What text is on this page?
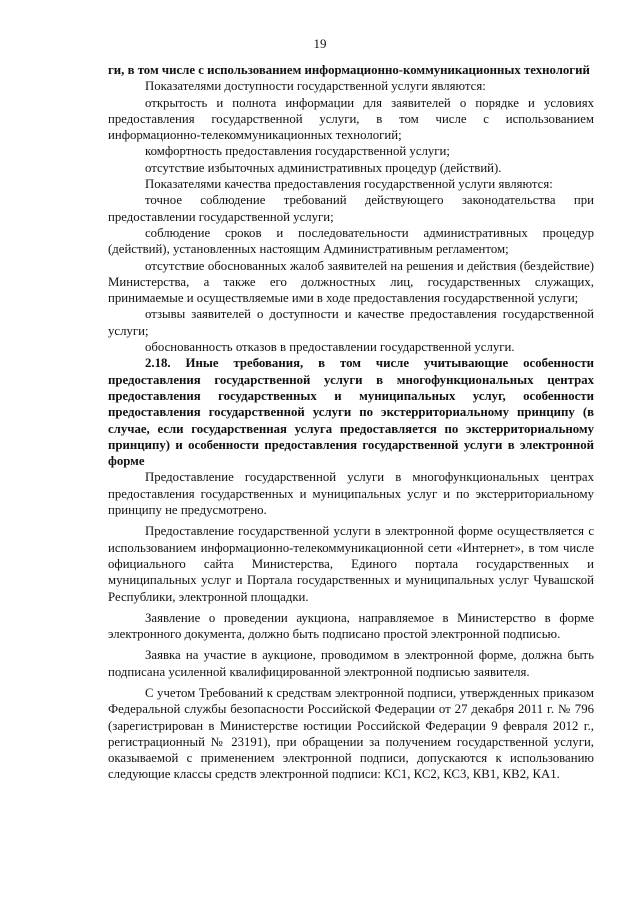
19

ги, в том числе с использованием информационно-коммуникационных технологий

Показателями доступности государственной услуги являются:

открытость и полнота информации для заявителей о порядке и условиях предоставления государственной услуги, в том числе с использованием информационно-телекоммуникационных технологий;

комфортность предоставления государственной услуги;

отсутствие избыточных административных процедур (действий).

Показателями качества предоставления государственной услуги являются:

точное соблюдение требований действующего законодательства при предоставлении государственной услуги;

соблюдение сроков и последовательности административных процедур (действий), установленных настоящим Административным регламентом;

отсутствие обоснованных жалоб заявителей на решения и действия (бездействие) Министерства, а также его должностных лиц, государственных служащих, принимаемые и осуществляемые ими в ходе предоставления государственной услуги;

отзывы заявителей о доступности и качестве предоставления государственной услуги;

обоснованность отказов в предоставлении государственной услуги.

2.18. Иные требования, в том числе учитывающие особенности предоставления государственной услуги в многофункциональных центрах предоставления государственных и муниципальных услуг, особенности предоставления государственной услуги по экстерриториальному принципу (в случае, если государственная услуга предоставляется по экстерриториальному принципу) и особенности предоставления государственной услуги в электронной форме

Предоставление государственной услуги в многофункциональных центрах предоставления государственных и муниципальных услуг и по экстерриториальному принципу не предусмотрено.

Предоставление государственной услуги в электронной форме осуществляется с использованием информационно-телекоммуникационной сети «Интернет», в том числе официального сайта Министерства, Единого портала государственных и муниципальных услуг и Портала государственных и муниципальных услуг Чувашской Республики, электронной площадки.

Заявление о проведении аукциона, направляемое в Министерство в форме электронного документа, должно быть подписано простой электронной подписью.

Заявка на участие в аукционе, проводимом в электронной форме, должна быть подписана усиленной квалифицированной электронной подписью заявителя.

С учетом Требований к средствам электронной подписи, утвержденных приказом Федеральной службы безопасности Российской Федерации от 27 декабря 2011 г. № 796 (зарегистрирован в Министерстве юстиции Российской Федерации 9 февраля 2012 г., регистрационный № 23191), при обращении за получением государственной услуги, оказываемой с применением электронной подписи, допускаются к использованию следующие классы средств электронной подписи: КС1, КС2, КС3, КВ1, КВ2, КА1.
